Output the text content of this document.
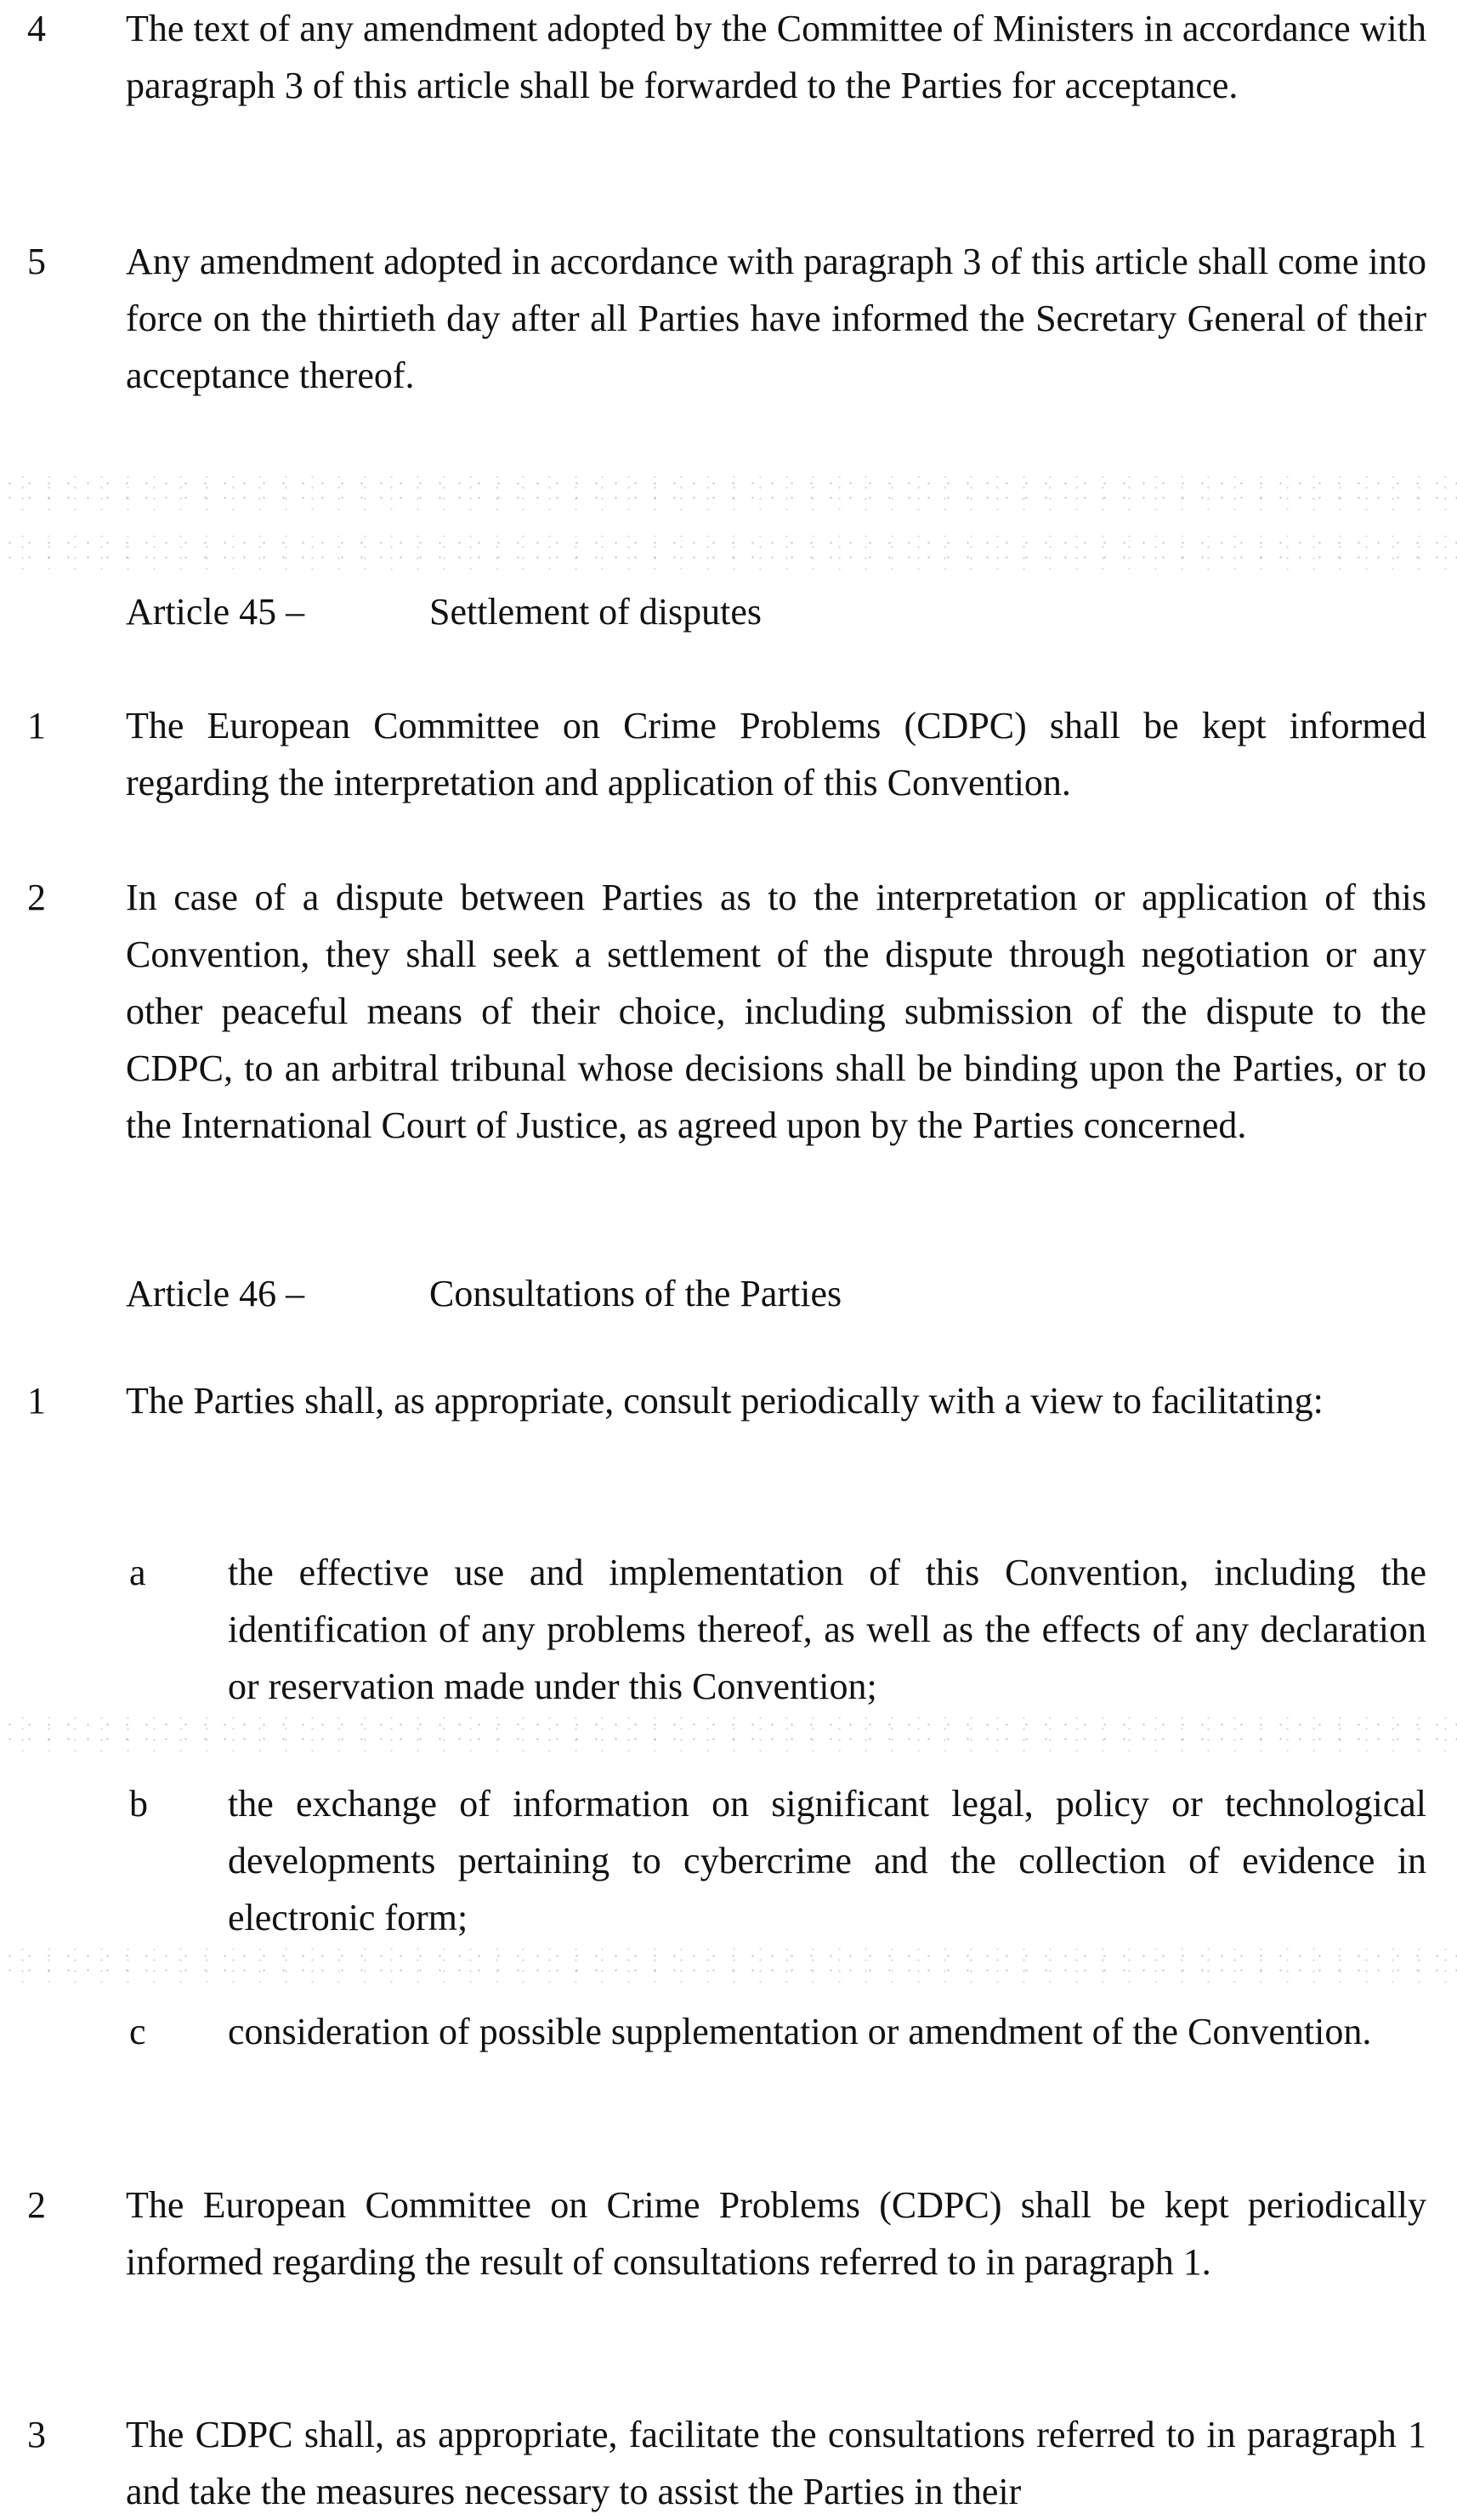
4	The text of any amendment adopted by the Committee of Ministers in accordance with paragraph 3 of this article shall be forwarded to the Parties for acceptance.
5	Any amendment adopted in accordance with paragraph 3 of this article shall come into force on the thirtieth day after all Parties have informed the Secretary General of their acceptance thereof.
Article 45 –	Settlement of disputes
1	The European Committee on Crime Problems (CDPC) shall be kept informed regarding the interpretation and application of this Convention.
2	In case of a dispute between Parties as to the interpretation or application of this Convention, they shall seek a settlement of the dispute through negotiation or any other peaceful means of their choice, including submission of the dispute to the CDPC, to an arbitral tribunal whose decisions shall be binding upon the Parties, or to the International Court of Justice, as agreed upon by the Parties concerned.
Article 46 –	Consultations of the Parties
1	The Parties shall, as appropriate, consult periodically with a view to facilitating:
a	the effective use and implementation of this Convention, including the identification of any problems thereof, as well as the effects of any declaration or reservation made under this Convention;
b	the exchange of information on significant legal, policy or technological developments pertaining to cybercrime and the collection of evidence in electronic form;
c	consideration of possible supplementation or amendment of the Convention.
2	The European Committee on Crime Problems (CDPC) shall be kept periodically informed regarding the result of consultations referred to in paragraph 1.
3	The CDPC shall, as appropriate, facilitate the consultations referred to in paragraph 1 and take the measures necessary to assist the Parties in their
